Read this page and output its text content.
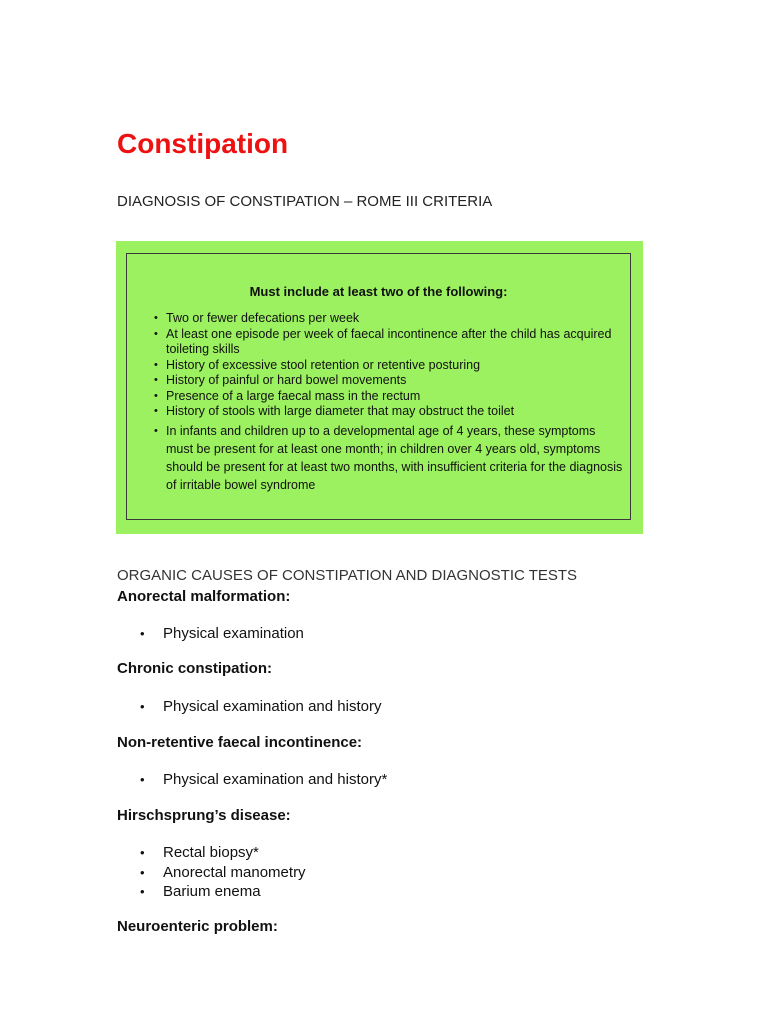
Constipation

DIAGNOSIS OF CONSTIPATION – ROME III CRITERIA

Must include at least two of the following:

• Two or fewer defecations per week
• At least one episode per week of faecal incontinence after the child has acquired toileting skills
• History of excessive stool retention or retentive posturing
• History of painful or hard bowel movements
• Presence of a large faecal mass in the rectum
• History of stools with large diameter that may obstruct the toilet
• In infants and children up to a developmental age of 4 years, these symptoms must be present for at least one month; in children over 4 years old, symptoms should be present for at least two months, with insufficient criteria for the diagnosis of irritable bowel syndrome

ORGANIC CAUSES OF CONSTIPATION AND DIAGNOSTIC TESTS

Anorectal malformation:

• Physical examination

Chronic constipation:

• Physical examination and history

Non-retentive faecal incontinence:

• Physical examination and history*

Hirschsprung’s disease:

• Rectal biopsy*
• Anorectal manometry
• Barium enema

Neuroenteric problem:
